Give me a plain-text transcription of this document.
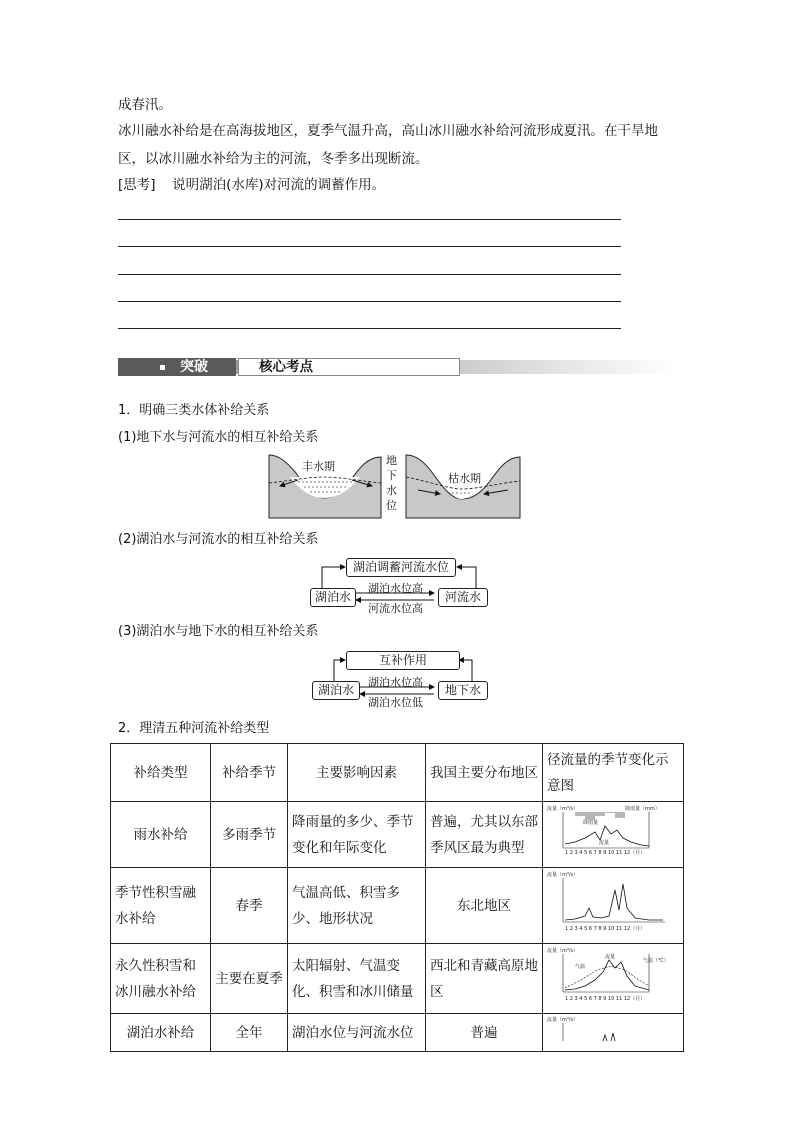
成春汛。
冰川融水补给是在高海拔地区，夏季气温升高，高山冰川融水补给河流形成夏汛。在干旱地
区，以冰川融水补给为主的河流，冬季多出现断流。
[思考] 说明湖泊(水库)对河流的调蓄作用。
突破	核心考点
1．明确三类水体补给关系
(1)地下水与河流水的相互补给关系
丰水期
枯水期
地
下
水
位
(2)湖泊水与河流水的相互补给关系
湖泊调蓄河流水位
湖泊水	河流水
湖泊水位高
河流水位高
(3)湖泊水与地下水的相互补给关系
互补作用
湖泊水	地下水
湖泊水位高
湖泊水位低
2．理清五种河流补给类型
补给类型	补给季节	主要影响因素	我国主要分布地区	径流量的季节变化示意图
雨水补给	多雨季节	降雨量的多少、季节变化和年际变化	普遍，尤其以东部季风区最为典型	流量（m³/s） 降雨量（mm）
降雨量
流量
1 2 3 4 5 6 7 8 9 10 11 12（月）

季节性积雪融水补给	春季	气温高低、积雪多少、地形状况	东北地区	流量（m³/s）
1 2 3 4 5 6 7 8 9 10 11 12（月）

永久性积雪和冰川融水补给	主要在夏季	太阳辐射、气温变化、积雪和冰川储量	西北和青藏高原地区	流量（m³/s）
气温（℃）
气温
流量
1 2 3 4 5 6 7 8 9 10 11 12（月）

湖泊水补给	全年	湖泊水位与河流水位	普遍	流量（m³/s）
